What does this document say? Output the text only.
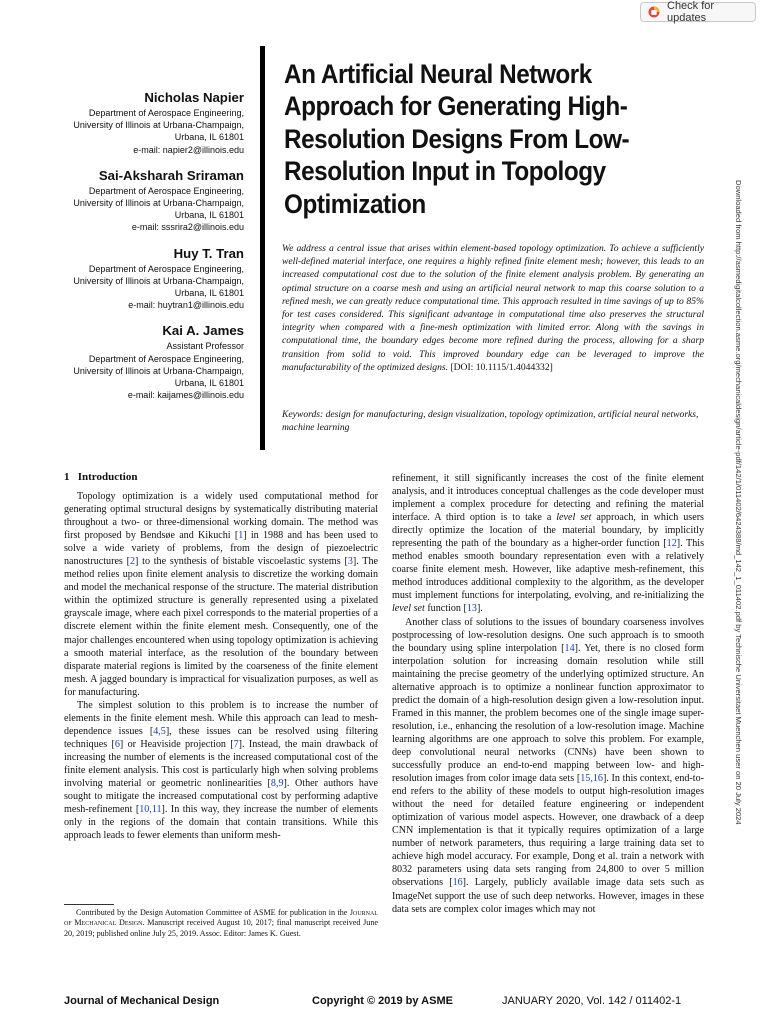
Check for updates
Nicholas Napier
Department of Aerospace Engineering,
University of Illinois at Urbana-Champaign,
Urbana, IL 61801
e-mail: napier2@illinois.edu
Sai-Aksharah Sriraman
Department of Aerospace Engineering,
University of Illinois at Urbana-Champaign,
Urbana, IL 61801
e-mail: sssrira2@illinois.edu
Huy T. Tran
Department of Aerospace Engineering,
University of Illinois at Urbana-Champaign,
Urbana, IL 61801
e-mail: huytran1@illinois.edu
Kai A. James
Assistant Professor
Department of Aerospace Engineering,
University of Illinois at Urbana-Champaign,
Urbana, IL 61801
e-mail: kaijames@illinois.edu
An Artificial Neural Network
Approach for Generating High-
Resolution Designs From Low-
Resolution Input in Topology
Optimization
We address a central issue that arises within element-based topology optimization. To achieve a sufficiently well-defined material interface, one requires a highly refined finite element mesh; however, this leads to an increased computational cost due to the solution of the finite element analysis problem. By generating an optimal structure on a coarse mesh and using an artificial neural network to map this coarse solution to a refined mesh, we can greatly reduce computational time. This approach resulted in time savings of up to 85% for test cases considered. This significant advantage in computational time also preserves the structural integrity when compared with a fine-mesh optimization with limited error. Along with the savings in computational time, the boundary edges become more refined during the process, allowing for a sharp transition from solid to void. This improved boundary edge can be leveraged to improve the manufacturability of the optimized designs. [DOI: 10.1115/1.4044332]
Keywords: design for manufacturing, design visualization, topology optimization, artificial neural networks, machine learning
1 Introduction

Topology optimization is a widely used computational method for generating optimal structural designs by systematically distributing material throughout a two- or three-dimensional working domain. The method was first proposed by Bendsøe and Kikuchi [1] in 1988 and has been used to solve a wide variety of problems, from the design of piezoelectric nanostructures [2] to the synthesis of bistable viscoelastic systems [3]. The method relies upon finite element analysis to discretize the working domain and model the mechanical response of the structure. The material distribution within the optimized structure is generally represented using a pixelated grayscale image, where each pixel corresponds to the material properties of a discrete element within the finite element mesh. Consequently, one of the major challenges encountered when using topology optimization is achieving a smooth material interface, as the resolution of the boundary between disparate material regions is limited by the coarseness of the finite element mesh. A jagged boundary is impractical for visualization purposes, as well as for manufacturing.

The simplest solution to this problem is to increase the number of elements in the finite element mesh. While this approach can lead to mesh-dependence issues [4,5], these issues can be resolved using filtering techniques [6] or Heaviside projection [7]. Instead, the main drawback of increasing the number of elements is the increased computational cost of the finite element analysis. This cost is particularly high when solving problems involving material or geometric nonlinearities [8,9]. Other authors have sought to mitigate the increased computational cost by performing adaptive mesh-refinement [10,11]. In this way, they increase the number of elements only in the regions of the domain that contain transitions. While this approach leads to fewer elements than uniform mesh-

Contributed by the Design Automation Committee of ASME for publication in the Journal of Mechanical Design. Manuscript received August 10, 2017; final manuscript received June 20, 2019; published online July 25, 2019. Assoc. Editor: James K. Guest.

refinement, it still significantly increases the cost of the finite element analysis, and it introduces conceptual challenges as the code developer must implement a complex procedure for detecting and refining the material interface. A third option is to take a level set approach, in which users directly optimize the location of the material boundary, by implicitly representing the path of the boundary as a higher-order function [12]. This method enables smooth boundary representation even with a relatively coarse finite element mesh. However, like adaptive mesh-refinement, this method introduces additional complexity to the algorithm, as the developer must implement functions for interpolating, evolving, and re-initializing the level set function [13].

Another class of solutions to the issues of boundary coarseness involves postprocessing of low-resolution designs. One such approach is to smooth the boundary using spline interpolation [14]. Yet, there is no closed form interpolation solution for increasing domain resolution while still maintaining the precise geometry of the underlying optimized structure. An alternative approach is to optimize a nonlinear function approximator to predict the domain of a high-resolution design given a low-resolution input. Framed in this manner, the problem becomes one of the single image super-resolution, i.e., enhancing the resolution of a low-resolution image. Machine learning algorithms are one approach to solve this problem. For example, deep convolutional neural networks (CNNs) have been shown to successfully produce an end-to-end mapping between low- and high-resolution images from color image data sets [15,16]. In this context, end-to-end refers to the ability of these models to output high-resolution images without the need for detailed feature engineering or independent optimization of various model aspects. However, one drawback of a deep CNN implementation is that it typically requires optimization of a large number of network parameters, thus requiring a large training data set to achieve high model accuracy. For example, Dong et al. train a network with 8032 parameters using data sets ranging from 24,800 to over 5 million observations [16]. Largely, publicly available image data sets such as ImageNet support the use of such deep networks. However, images in these data sets are complex color images which may not

Journal of Mechanical Design	Copyright © 2019 by ASME	JANUARY 2020, Vol. 142 / 011402-1
Downloaded from http://asmedigitalcollection.asme.org/mechanicaldesign/article-pdf/142/1/011402/6424388/md_142_1_011402.pdf by Technische Universitaet Muenchen user on 20 July 2024
